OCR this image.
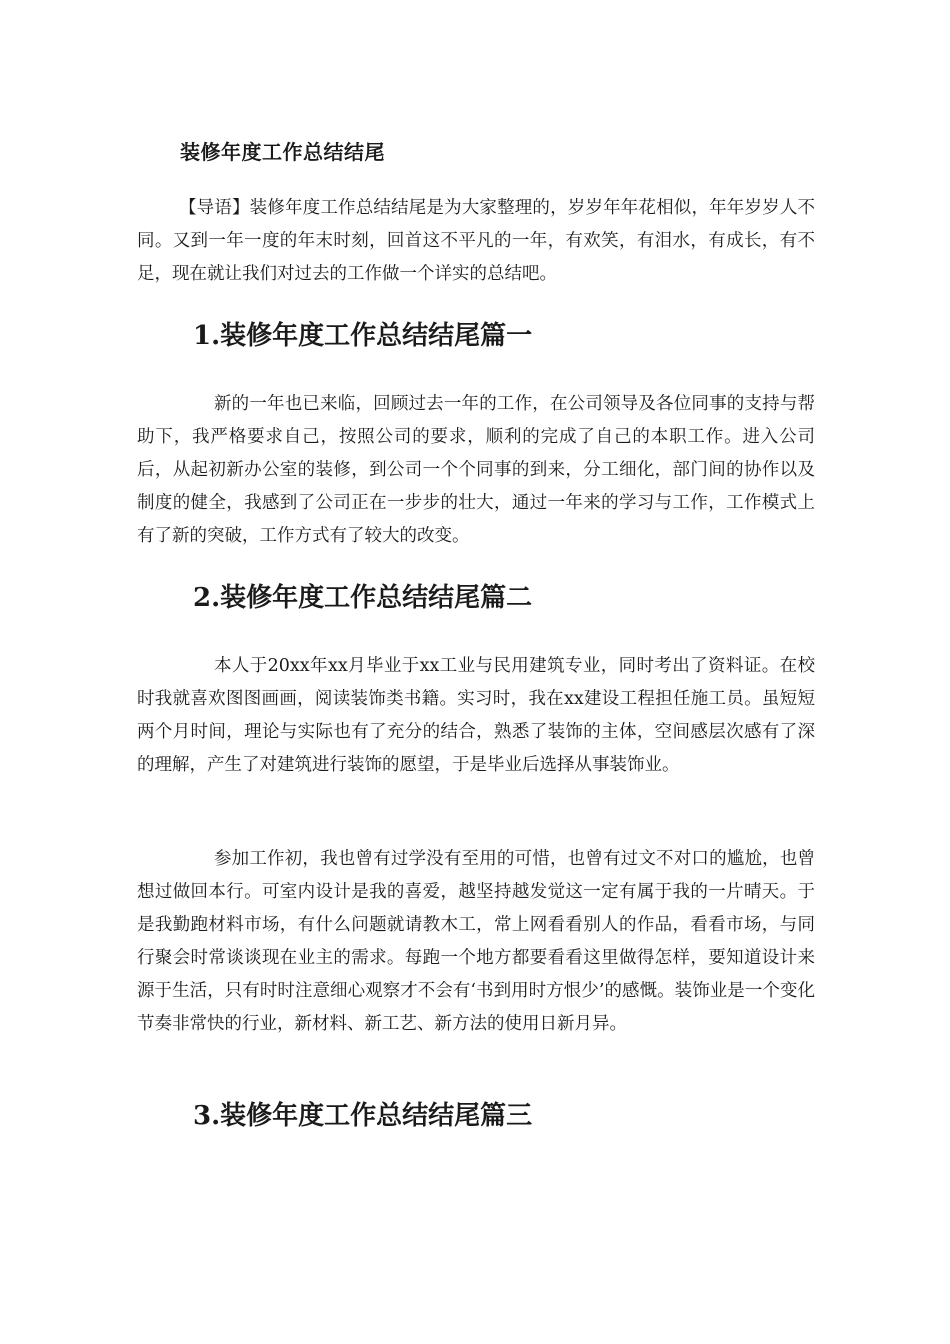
装修年度工作总结结尾

【导语】装修年度工作总结结尾是为大家整理的，岁岁年年花相似，年年岁岁人不同。又到一年一度的年末时刻，回首这不平凡的一年，有欢笑，有泪水，有成长，有不足，现在就让我们对过去的工作做一个详实的总结吧。

1.装修年度工作总结结尾篇一

新的一年也已来临，回顾过去一年的工作，在公司领导及各位同事的支持与帮助下，我严格要求自己，按照公司的要求，顺利的完成了自己的本职工作。进入公司后，从起初新办公室的装修，到公司一个个同事的到来，分工细化，部门间的协作以及制度的健全，我感到了公司正在一步步的壮大，通过一年来的学习与工作，工作模式上有了新的突破，工作方式有了较大的改变。

2.装修年度工作总结结尾篇二

本人于20xx年xx月毕业于xx工业与民用建筑专业，同时考出了资料证。在校时我就喜欢图图画画，阅读装饰类书籍。实习时，我在xx建设工程担任施工员。虽短短两个月时间，理论与实际也有了充分的结合，熟悉了装饰的主体，空间感层次感有了深的理解，产生了对建筑进行装饰的愿望，于是毕业后选择从事装饰业。

参加工作初，我也曾有过学没有至用的可惜，也曾有过文不对口的尴尬，也曾想过做回本行。可室内设计是我的喜爱，越坚持越发觉这一定有属于我的一片晴天。于是我勤跑材料市场，有什么问题就请教木工，常上网看看别人的作品，看看市场，与同行聚会时常谈谈现在业主的需求。每跑一个地方都要看看这里做得怎样，要知道设计来源于生活，只有时时注意细心观察才不会有‘书到用时方恨少’的感慨。装饰业是一个变化节奏非常快的行业，新材料、新工艺、新方法的使用日新月异。

3.装修年度工作总结结尾篇三
